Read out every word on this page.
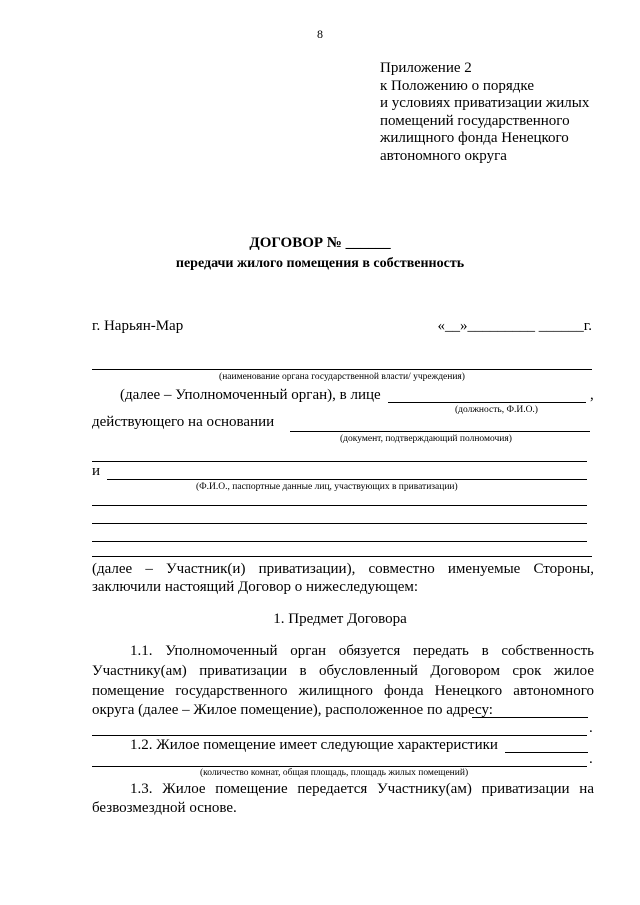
8
Приложение 2
к Положению о порядке
и условиях приватизации жилых
помещений государственного
жилищного фонда Ненецкого
автономного округа
ДОГОВОР № ______
передачи жилого помещения в собственность
г. Нарьян-Мар	«__»_________ ______г.
(наименование органа государственной власти/ учреждения)
(далее – Уполномоченный орган), в лице	,
(должность, Ф.И.О.)
действующего на основании
(документ, подтверждающий полномочия)
и
(Ф.И.О., паспортные данные лиц, участвующих в приватизации)
(далее – Участник(и) приватизации), совместно именуемые Стороны,
заключили настоящий Договор о нижеследующем:
1. Предмет Договора
1.1. Уполномоченный орган обязуется передать в собственность
Участнику(ам) приватизации в обусловленный Договором срок жилое
помещение государственного жилищного фонда Ненецкого автономного
округа (далее – Жилое помещение), расположенное по адресу:
.
1.2. Жилое помещение имеет следующие характеристики
.
(количество комнат, общая площадь, площадь жилых помещений)
1.3. Жилое помещение передается Участнику(ам) приватизации на
безвозмездной основе.
